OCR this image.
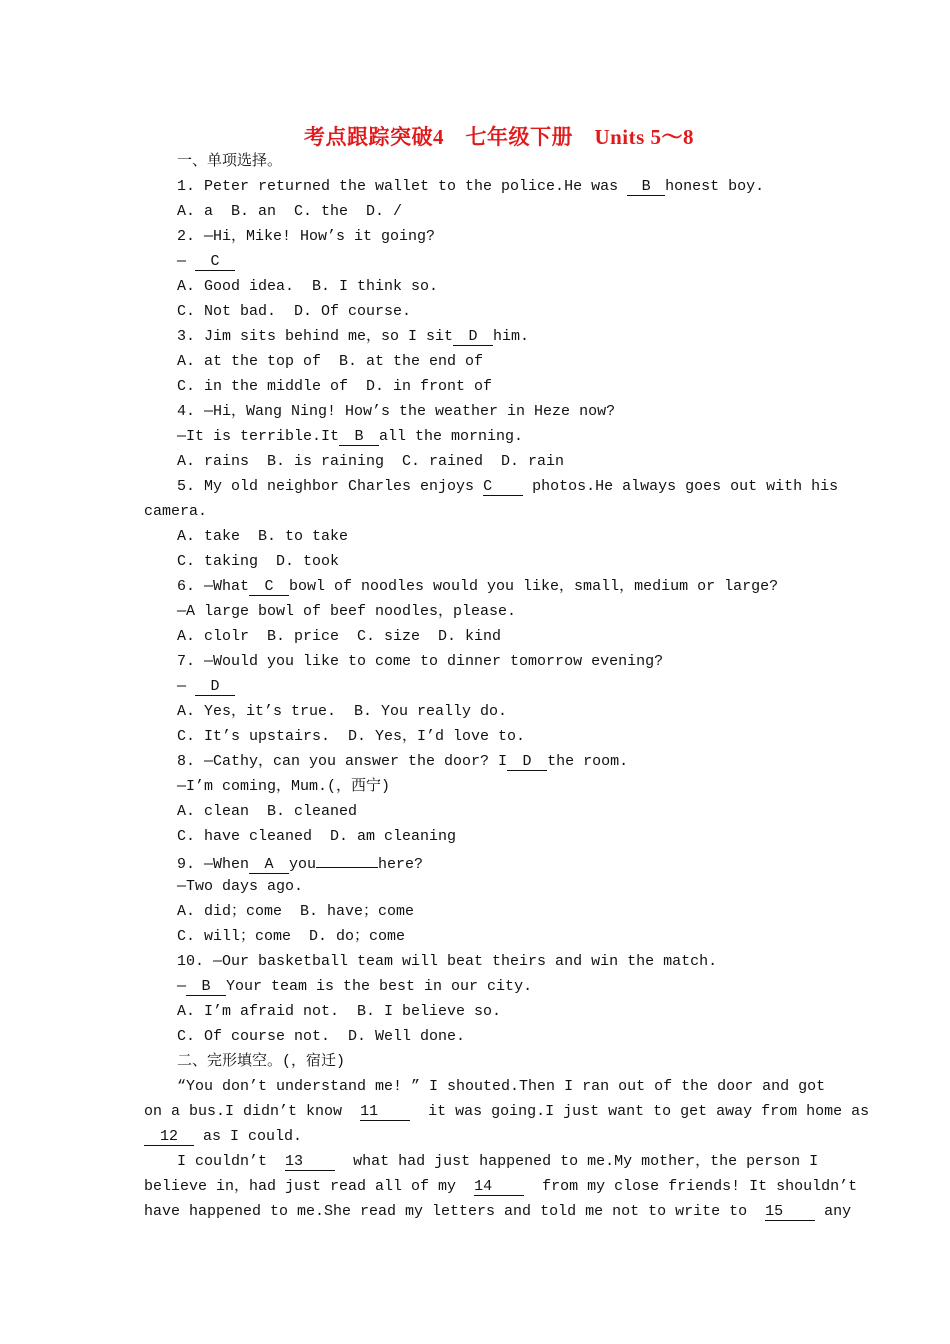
考点跟踪突破4　七年级下册　Units 5～8
一、单项选择。
1. Peter returned the wallet to the police.He was B honest boy.
A. a  B. an  C. the  D. /
2. —Hi，Mike! How’s it going?
— C
A. Good idea.  B. I think so.
C. Not bad.  D. Of course.
3. Jim sits behind me，so I sit D him.
A. at the top of  B. at the end of
C. in the middle of  D. in front of
4. —Hi，Wang Ning! How’s the weather in Heze now?
—It is terrible.It B all the morning.
A. rains  B. is raining  C. rained  D. rain
5. My old neighbor Charles enjoys C	photos.He always goes out with his
camera.
A. take  B. to take
C. taking  D. took
6. —What C bowl of noodles would you like，small，medium or large?
—A large bowl of beef noodles，please.
A. clolr  B. price  C. size  D. kind
7. —Would you like to come to dinner tomorrow evening?
— D
A. Yes，it’s true.  B. You really do.
C. It’s upstairs.  D. Yes，I’d love to.
8. —Cathy，can you answer the door? I D the room.
—I’m coming，Mum.(，西宁)
A. clean  B. cleaned
C. have cleaned  D. am cleaning
9. —When A you	here?
—Two days ago.
A. did；come  B. have；come
C. will；come  D. do；come
10. —Our basketball team will beat theirs and win the match.
— B Your team is the best in our city.
A. I’m afraid not.  B. I believe so.
C. Of course not.  D. Well done.
二、完形填空。(，宿迁)
“You don’t understand me! ” I shouted.Then I ran out of the door and got
on a bus.I didn’t know  11	it was going.I just want to get away from home as
12 as I could.
I couldn’t  13	what had just happened to me.My mother，the person I
believe in，had just read all of my  14	from my close friends! It shouldn’t
have happened to me.She read my letters and told me not to write to  15	any
